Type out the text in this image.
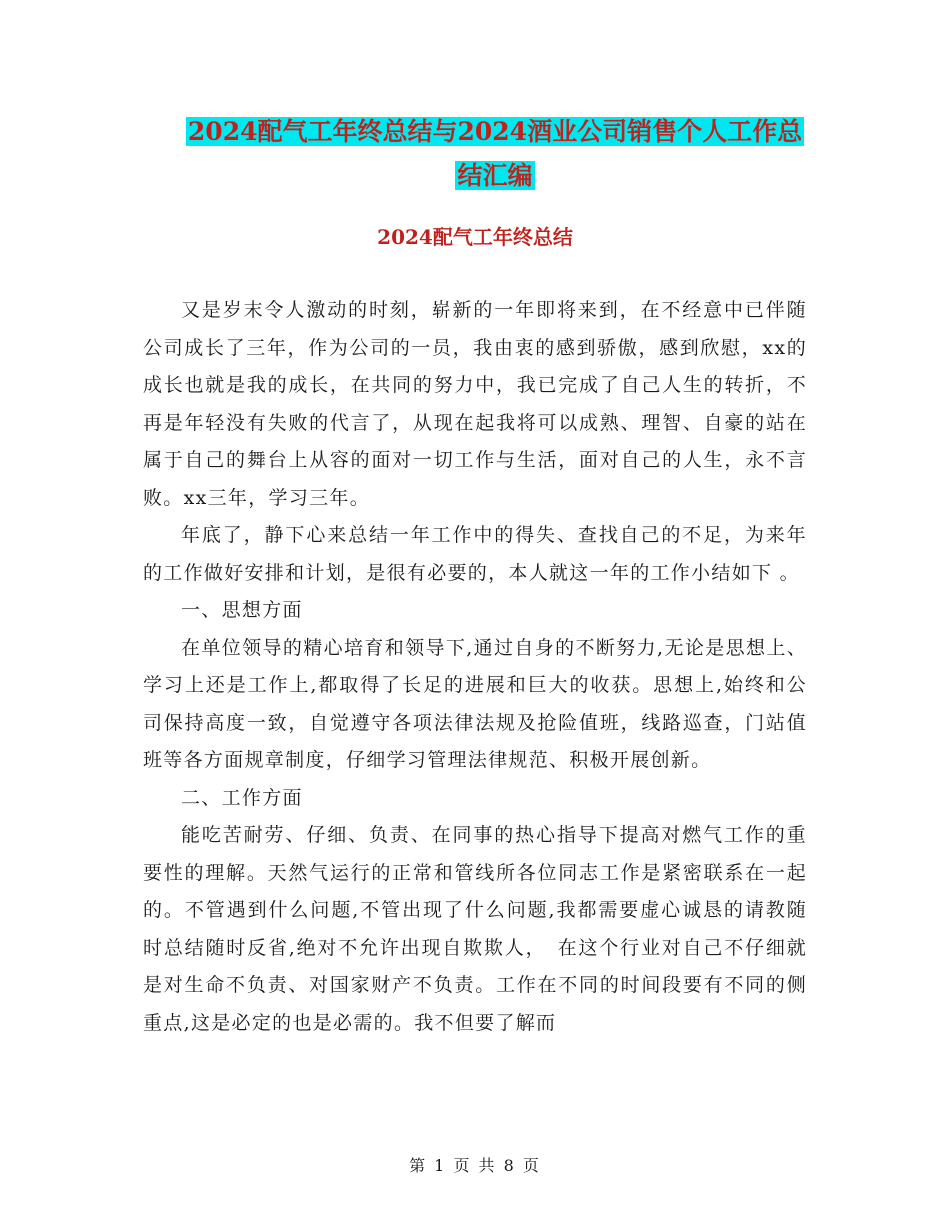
2024配气工年终总结与2024酒业公司销售个人工作总
结汇编
2024配气工年终总结

又是岁末令人激动的时刻，崭新的一年即将来到，在不经意中已伴随公司成长了三年，作为公司的一员，我由衷的感到骄傲，感到欣慰，xx的成长也就是我的成长，在共同的努力中，我已完成了自己人生的转折，不再是年轻没有失败的代言了，从现在起我将可以成熟、理智、自豪的站在属于自己的舞台上从容的面对一切工作与生活，面对自己的人生，永不言败。xx三年，学习三年。

年底了，静下心来总结一年工作中的得失、查找自己的不足，为来年的工作做好安排和计划，是很有必要的，本人就这一年的工作小结如下 。

一、思想方面

在单位领导的精心培育和领导下,通过自身的不断努力,无论是思想上、学习上还是工作上,都取得了长足的进展和巨大的收获。思想上,始终和公司保持高度一致，自觉遵守各项法律法规及抢险值班，线路巡查，门站值班等各方面规章制度，仔细学习管理法律规范、积极开展创新。

二、工作方面

能吃苦耐劳、仔细、负责、在同事的热心指导下提高对燃气工作的重要性的理解。天然气运行的正常和管线所各位同志工作是紧密联系在一起的。不管遇到什么问题,不管出现了什么问题,我都需要虚心诚恳的请教随时总结随时反省,绝对不允许出现自欺欺人，　在这个行业对自己不仔细就是对生命不负责、对国家财产不负责。工作在不同的时间段要有不同的侧重点,这是必定的也是必需的。我不但要了解而

第 1 页 共 8 页
